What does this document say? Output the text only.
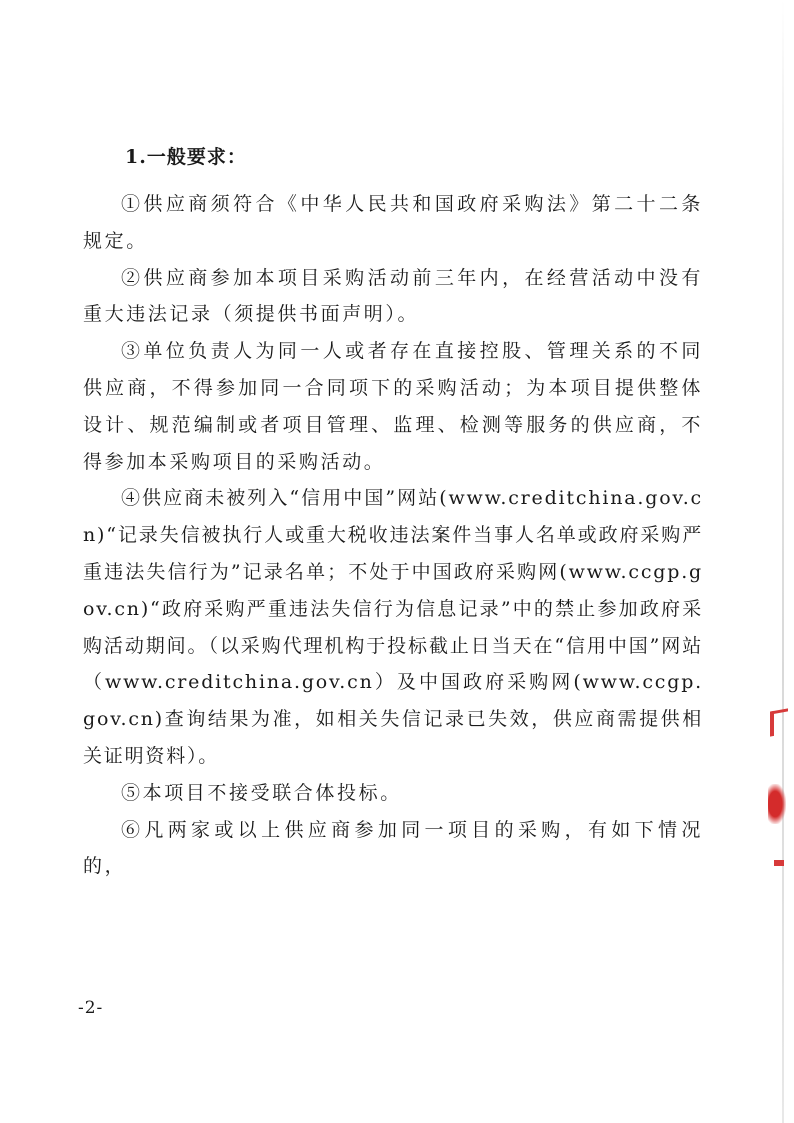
1.一般要求：

①供应商须符合《中华人民共和国政府采购法》第二十二条规定。

②供应商参加本项目采购活动前三年内，在经营活动中没有重大违法记录（须提供书面声明）。

③单位负责人为同一人或者存在直接控股、管理关系的不同供应商，不得参加同一合同项下的采购活动；为本项目提供整体设计、规范编制或者项目管理、监理、检测等服务的供应商，不得参加本采购项目的采购活动。

④供应商未被列入“信用中国”网站(www.creditchina.gov.cn)“记录失信被执行人或重大税收违法案件当事人名单或政府采购严重违法失信行为”记录名单；不处于中国政府采购网(www.ccgp.gov.cn)“政府采购严重违法失信行为信息记录”中的禁止参加政府采购活动期间。（以采购代理机构于投标截止日当天在“信用中国”网站（www.creditchina.gov.cn）及中国政府采购网(www.ccgp.gov.cn)查询结果为准，如相关失信记录已失效，供应商需提供相关证明资料）。

⑤本项目不接受联合体投标。

⑥凡两家或以上供应商参加同一项目的采购，有如下情况的，

-2-
